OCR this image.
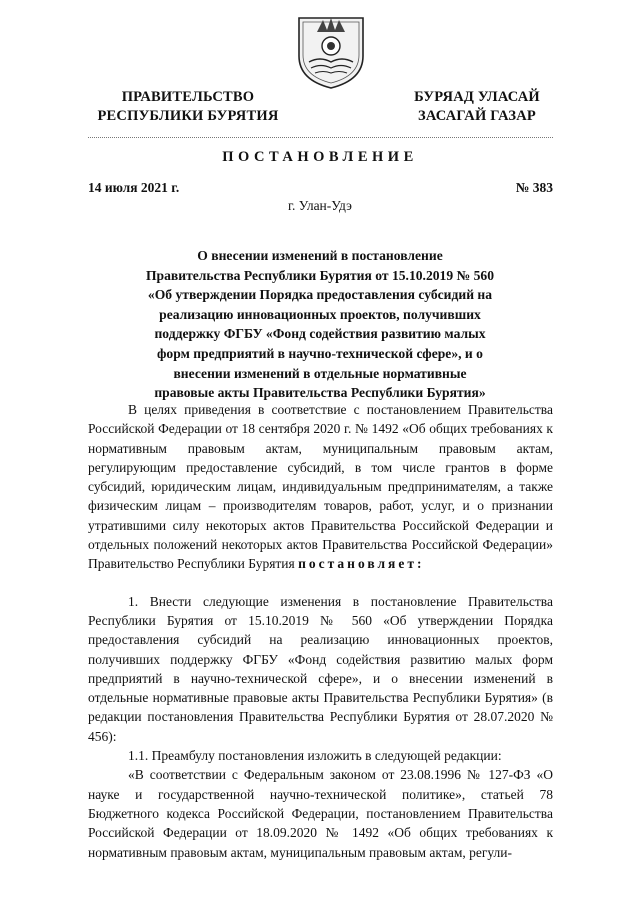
ПРАВИТЕЛЬСТВО
РЕСПУБЛИКИ БУРЯТИЯ
БУРЯАД УЛАСАЙ
ЗАСАГАЙ ГАЗАР
ПОСТАНОВЛЕНИЕ
14 июля 2021 г.	№ 383
г. Улан-Удэ
О внесении изменений в постановление
Правительства Республики Бурятия от 15.10.2019 № 560
«Об утверждении Порядка предоставления субсидий на
реализацию инновационных проектов, получивших
поддержку ФГБУ «Фонд содействия развитию малых
форм предприятий в научно-технической сфере», и о
внесении изменений в отдельные нормативные
правовые акты Правительства Республики Бурятия»

В целях приведения в соответствие с постановлением Правительства Российской Федерации от 18 сентября 2020 г. № 1492 «Об общих требованиях к нормативным правовым актам, муниципальным правовым актам, регулирующим предоставление субсидий, в том числе грантов в форме субсидий, юридическим лицам, индивидуальным предпринимателям, а также физическим лицам – производителям товаров, работ, услуг, и о признании утратившими силу некоторых актов Правительства Российской Федерации и отдельных положений некоторых актов Правительства Российской Федерации» Правительство Республики Бурятия постановляет:

1. Внести следующие изменения в постановление Правительства Республики Бурятия от 15.10.2019 № 560 «Об утверждении Порядка предоставления субсидий на реализацию инновационных проектов, получивших поддержку ФГБУ «Фонд содействия развитию малых форм предприятий в научно-технической сфере», и о внесении изменений в отдельные нормативные правовые акты Правительства Республики Бурятия» (в редакции постановления Правительства Республики Бурятия от 28.07.2020 № 456):

1.1. Преамбулу постановления изложить в следующей редакции:

«В соответствии с Федеральным законом от 23.08.1996 № 127-ФЗ «О науке и государственной научно-технической политике», статьей 78 Бюджетного кодекса Российской Федерации, постановлением Правительства Российской Федерации от 18.09.2020 № 1492 «Об общих требованиях к нормативным правовым актам, муниципальным правовым актам, регули-
